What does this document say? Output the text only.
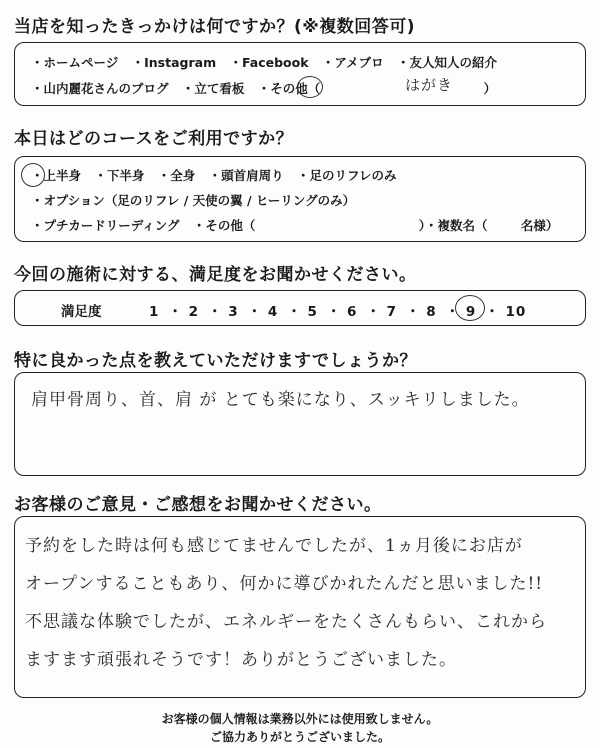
当店を知ったきっかけは何ですか？(※複数回答可)
・ホームページ ・Instagram ・Facebook ・アメブロ ・友人知人の紹介
・山内麗花さんのブログ ・立て看板 ・その他（	）
はがき
本日はどのコースをご利用ですか？
・上半身 ・下半身 ・全身 ・頭首肩周り ・足のリフレのみ
・オプション（足のリフレ / 天使の翼 / ヒーリングのみ）
・プチカードリーディング ・その他（	）・複数名（	名様）
今回の施術に対する、満足度をお聞かせください。
満足度	1 ・ 2 ・ 3 ・ 4 ・ 5 ・ 6 ・ 7 ・ 8 ・ 9 ・ 10
特に良かった点を教えていただけますでしょうか？
肩甲骨周り、首、肩 が とても楽になり、スッキリしました。
お客様のご意見・ご感想をお聞かせください。
予約をした時は何も感じてませんでしたが、1ヵ月後にお店が
オープンすることもあり、何かに導びかれたんだと思いました!!
不思議な体験でしたが、エネルギーをたくさんもらい、これから
ますます頑張れそうです！ありがとうございました。
お客様の個人情報は業務以外には使用致しません。
ご協力ありがとうございました。
